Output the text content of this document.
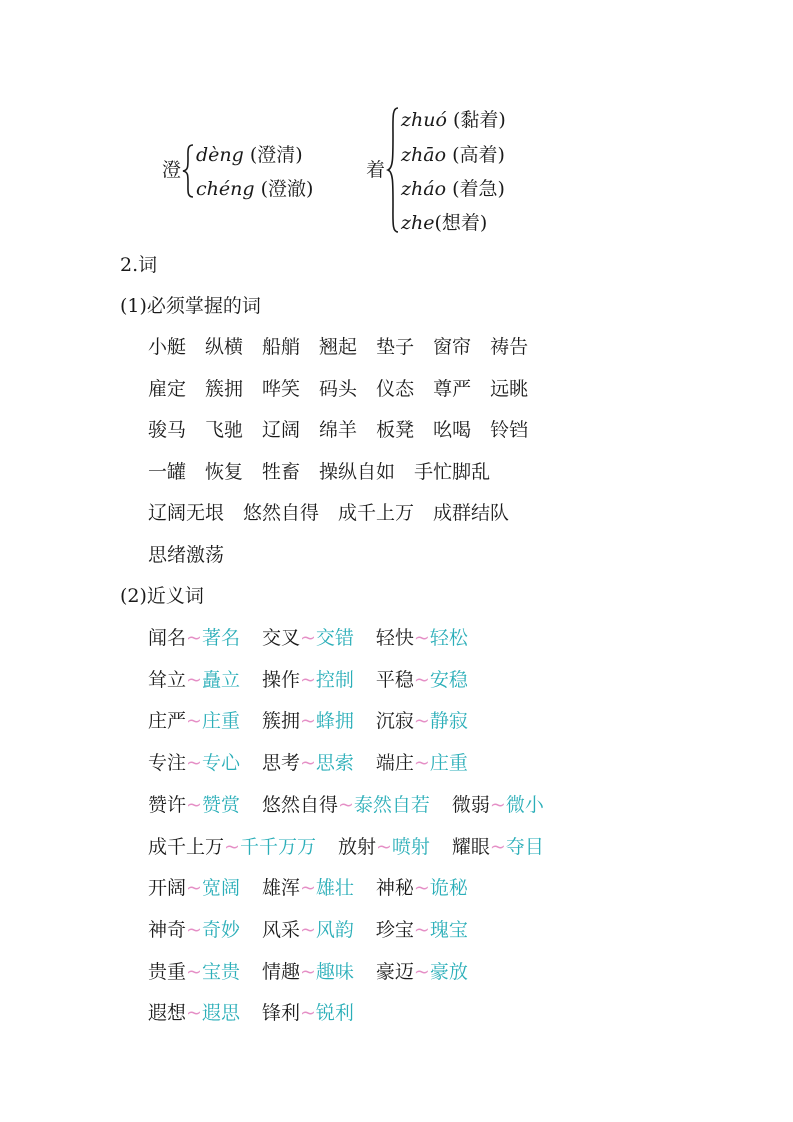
澄
dèng (澄清)
chéng (澄澈)
着
zhuó (黏着)
zhāo (高着)
zháo (着急)
zhe(想着)
2.词
(1)必须掌握的词
小艇 纵横 船艄 翘起 垫子 窗帘 祷告
雇定 簇拥 哗笑 码头 仪态 尊严 远眺
骏马 飞驰 辽阔 绵羊 板凳 吆喝 铃铛
一罐 恢复 牲畜 操纵自如 手忙脚乱
辽阔无垠 悠然自得 成千上万 成群结队
思绪激荡
(2)近义词
闻名~著名 交叉~交错 轻快~轻松
耸立~矗立 操作~控制 平稳~安稳
庄严~庄重 簇拥~蜂拥 沉寂~静寂
专注~专心 思考~思索 端庄~庄重
赞许~赞赏 悠然自得~泰然自若 微弱~微小
成千上万~千千万万 放射~喷射 耀眼~夺目
开阔~宽阔 雄浑~雄壮 神秘~诡秘
神奇~奇妙 风采~风韵 珍宝~瑰宝
贵重~宝贵 情趣~趣味 豪迈~豪放
遐想~遐思 锋利~锐利
